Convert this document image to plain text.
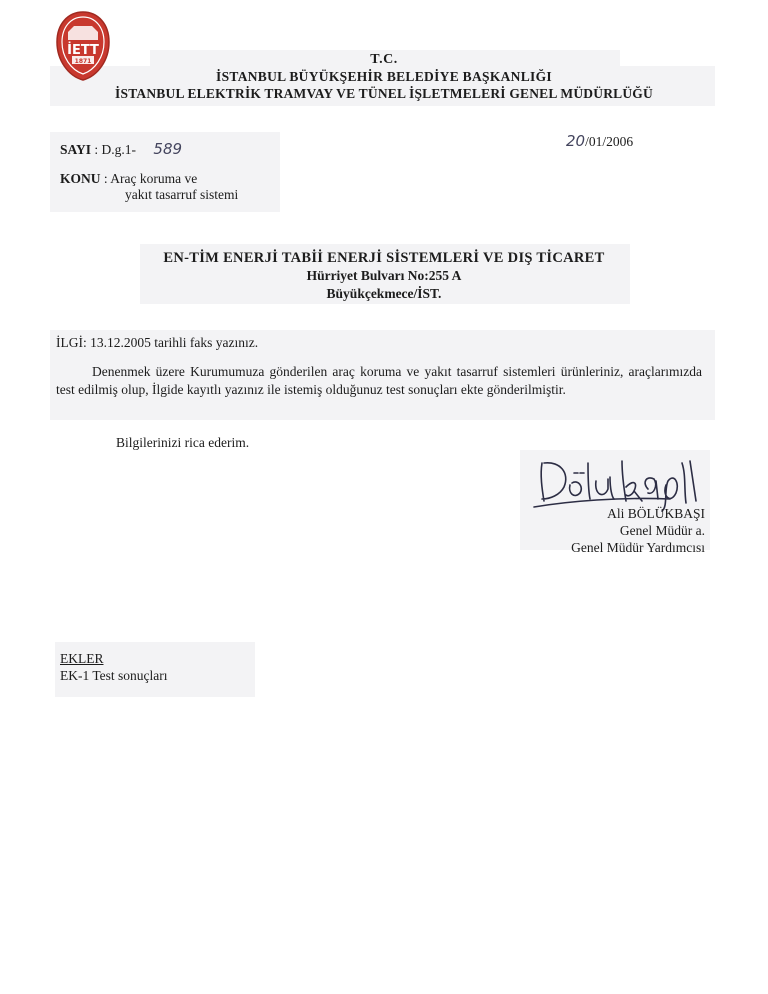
İETT
1871	T.C.
İSTANBUL BÜYÜKŞEHİR BELEDİYE BAŞKANLIĞI
İSTANBUL ELEKTRİK TRAMVAY VE TÜNEL İŞLETMELERİ GENEL MÜDÜRLÜĞÜ
SAYI : D.g.1- 589	20/01/2006
KONU : Araç koruma ve
yakıt tasarruf sistemi
EN-TİM ENERJİ TABİİ ENERJİ SİSTEMLERİ VE DIŞ TİCARET
Hürriyet Bulvarı No:255 A
Büyükçekmece/İST.
İLGİ: 13.12.2005 tarihli faks yazınız.
Denenmek üzere Kurumumuza gönderilen araç koruma ve yakıt tasarruf sistemleri ürünleriniz, araçlarımızda test edilmiş olup, İlgide kayıtlı yazınız ile istemiş olduğunuz test sonuçları ekte gönderilmiştir.
Bilgilerinizi rica ederim.
Ali BÖLÜKBAŞI
Genel Müdür a.
Genel Müdür Yardımcısı
EKLER
EK-1 Test sonuçları
